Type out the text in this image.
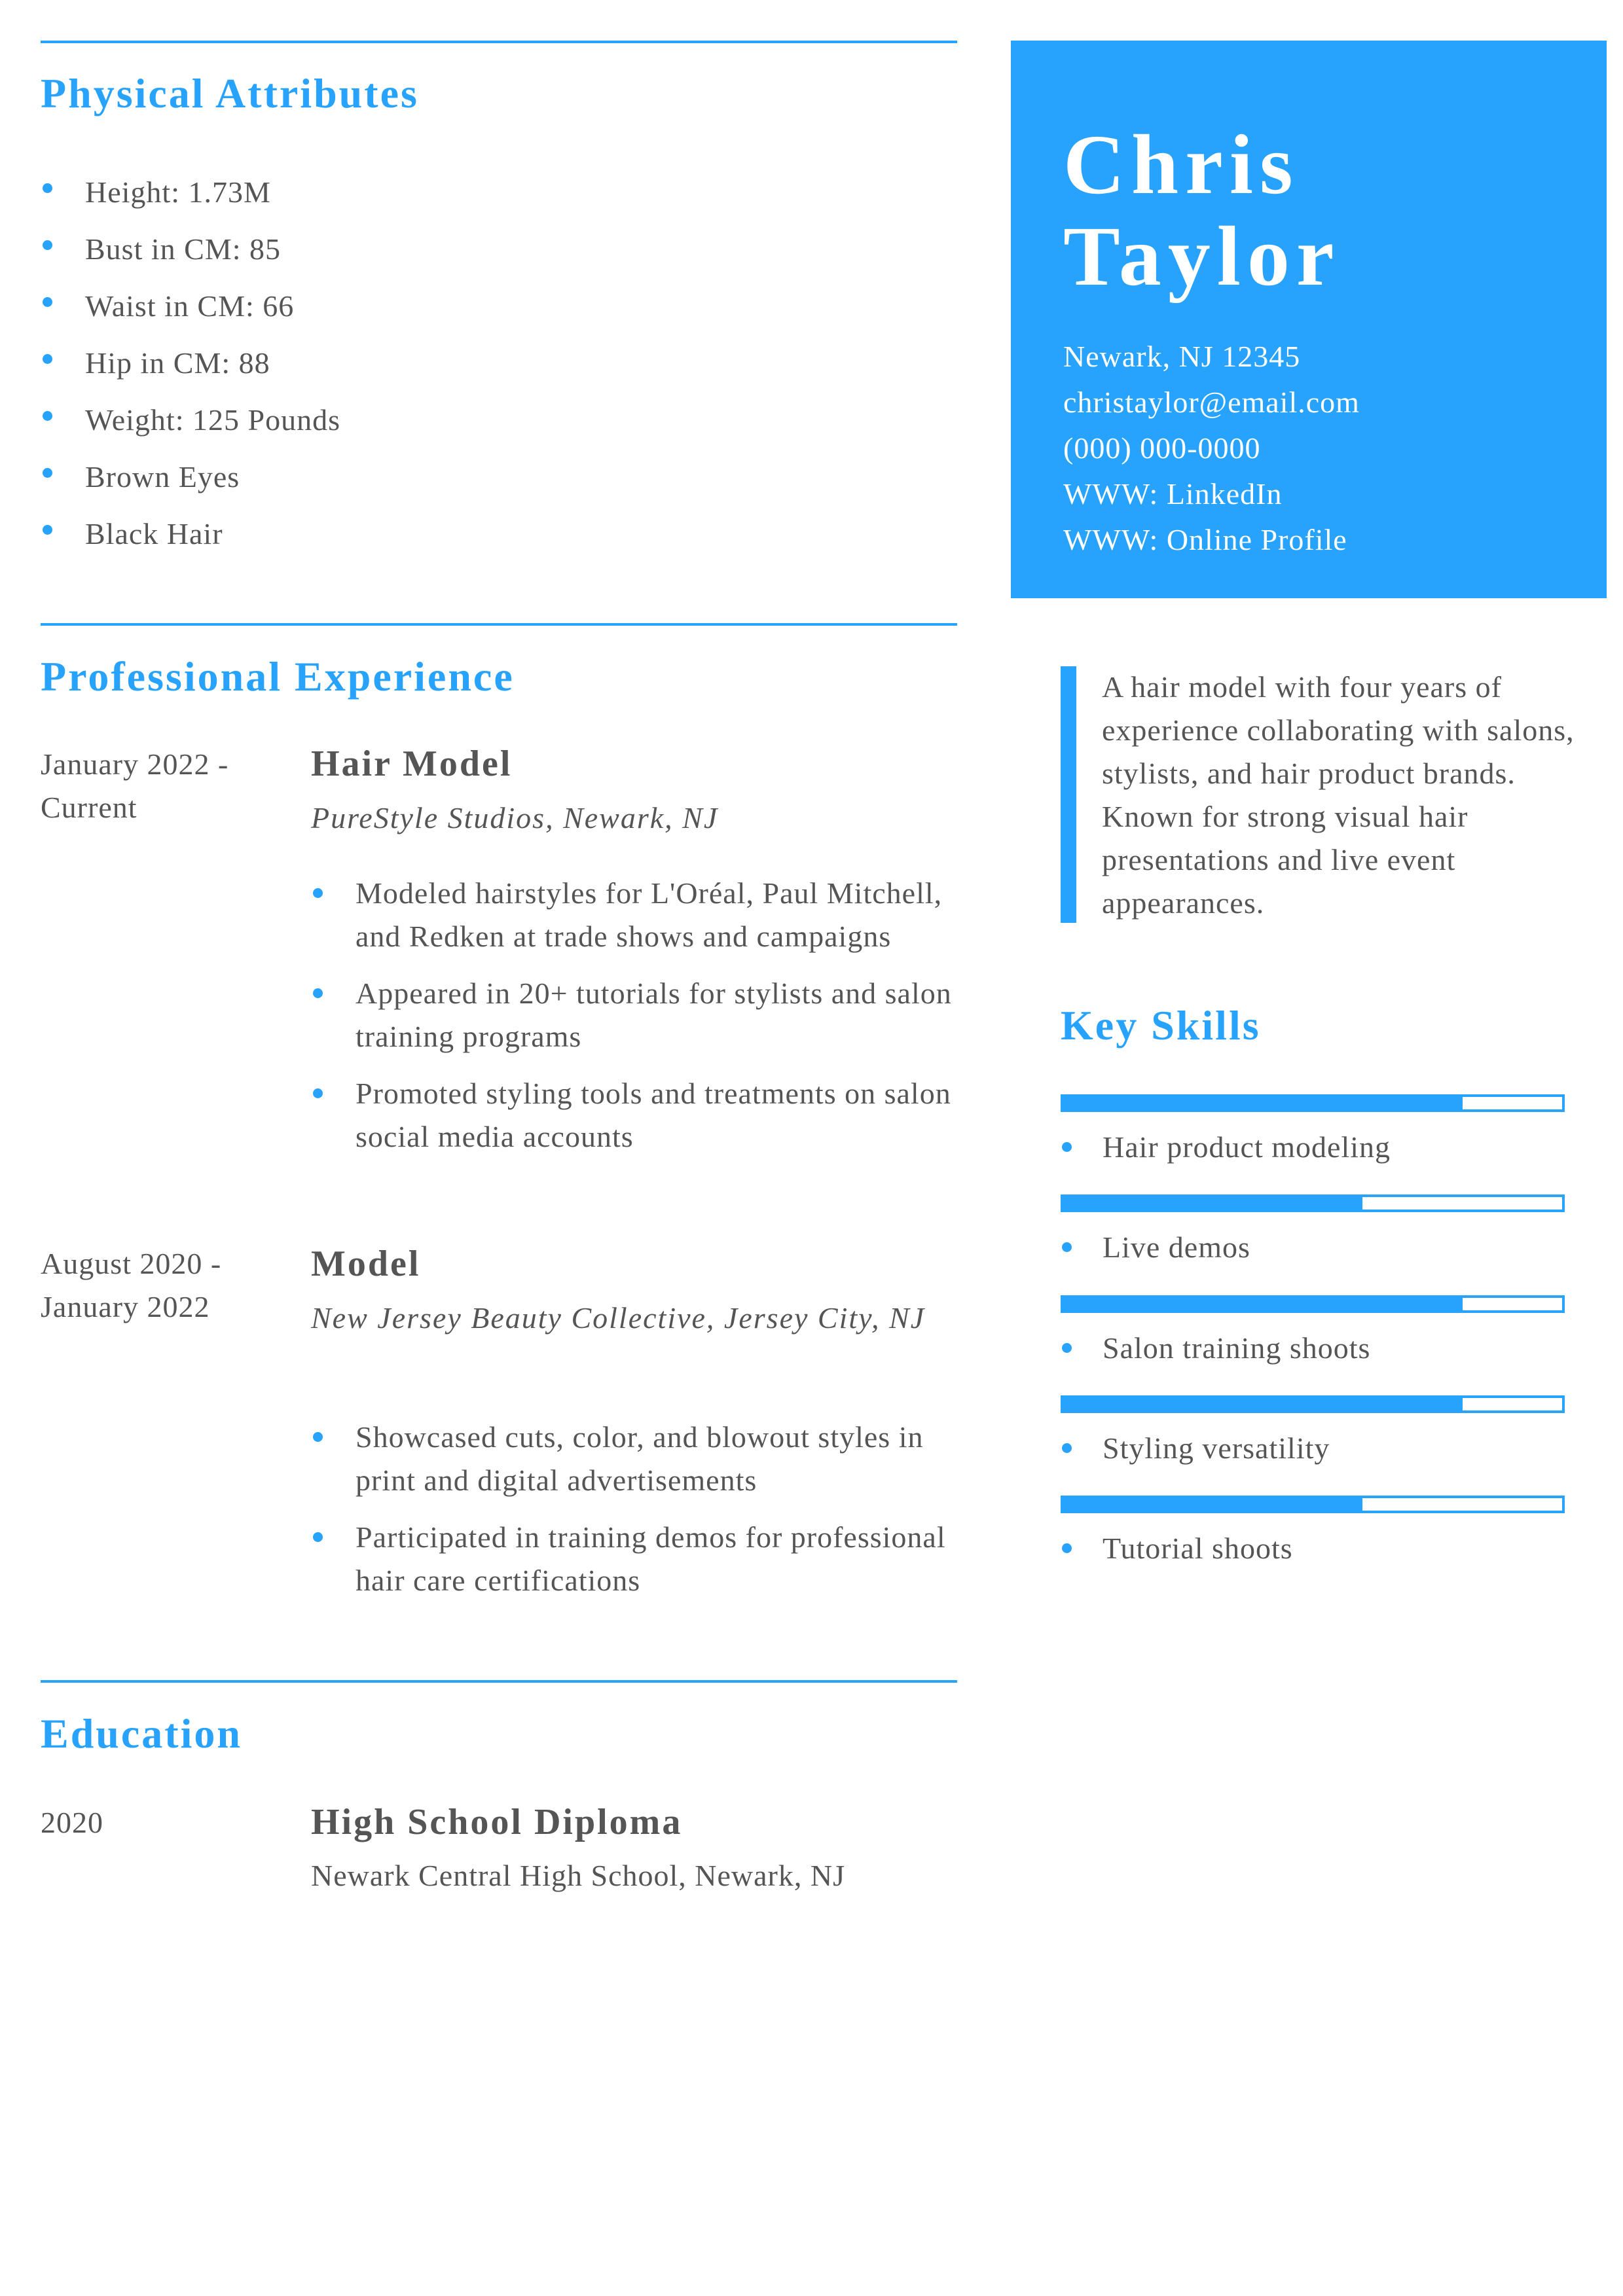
Physical Attributes
Height: 1.73M
Bust in CM: 85
Waist in CM: 66
Hip in CM: 88
Weight: 125 Pounds
Brown Eyes
Black Hair
Professional Experience
January 2022 - Current
Hair Model
PureStyle Studios, Newark, NJ
Modeled hairstyles for L'Oréal, Paul Mitchell, and Redken at trade shows and campaigns
Appeared in 20+ tutorials for stylists and salon training programs
Promoted styling tools and treatments on salon social media accounts
August 2020 - January 2022
Model
New Jersey Beauty Collective, Jersey City, NJ
Showcased cuts, color, and blowout styles in print and digital advertisements
Participated in training demos for professional hair care certifications
Education
2020	High School Diploma
Newark Central High School, Newark, NJ
Chris
Taylor
Newark, NJ 12345
christaylor@email.com
(000) 000-0000
WWW: LinkedIn
WWW: Online Profile

A hair model with four years of experience collaborating with salons, stylists, and hair product brands. Known for strong visual hair presentations and live event appearances.

Key Skills
Hair product modeling
Live demos
Salon training shoots
Styling versatility
Tutorial shoots
